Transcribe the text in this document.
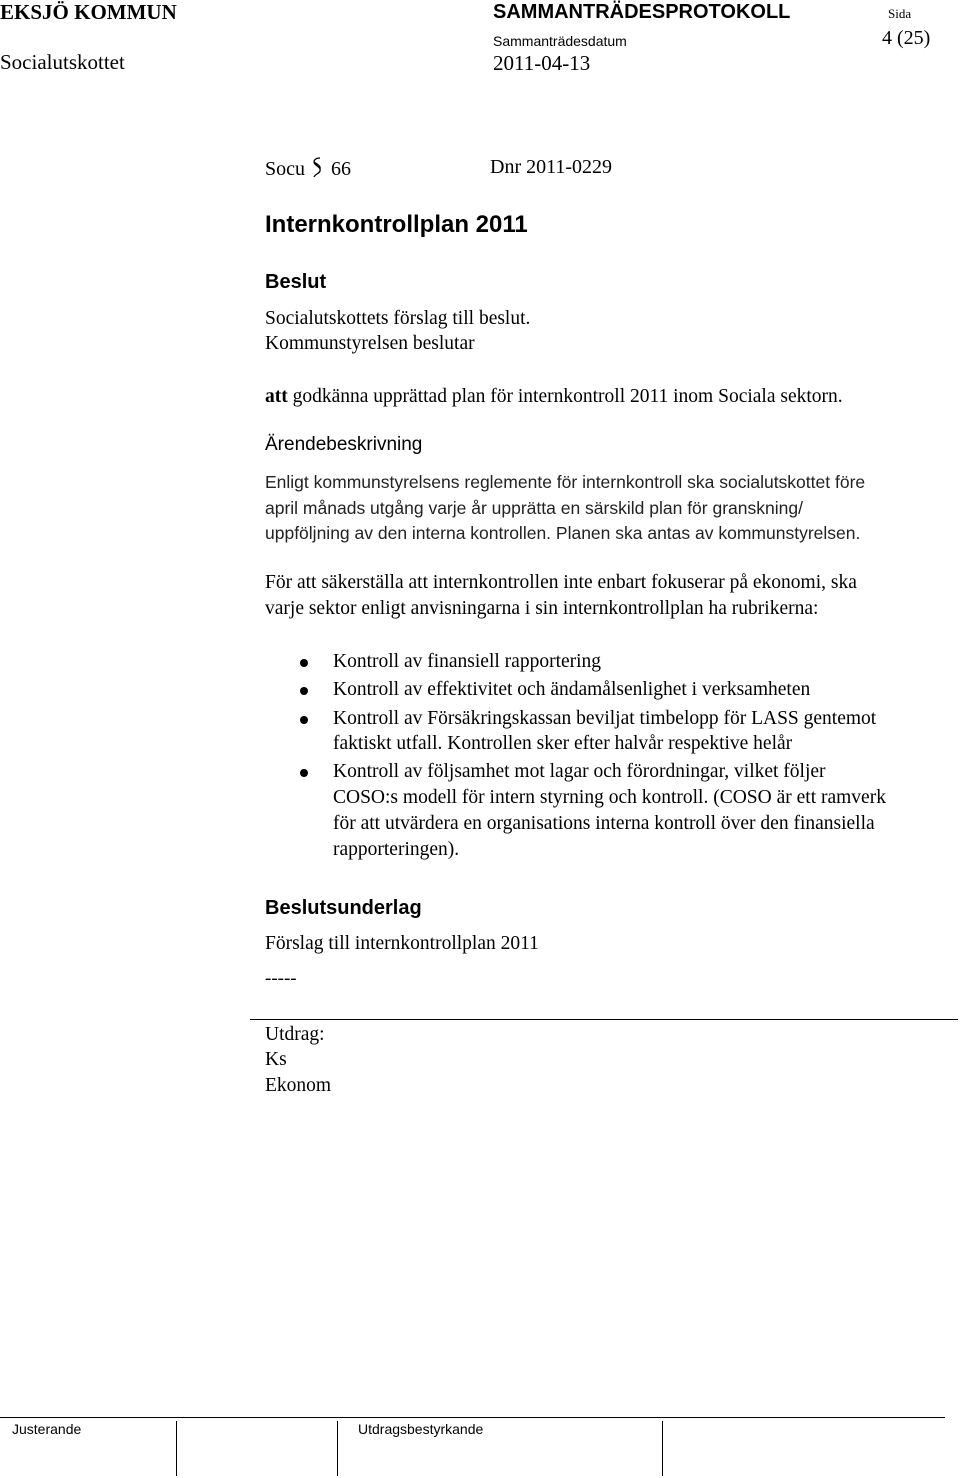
EKSJÖ KOMMUN
Socialutskottet
SAMMANTRÄDESPROTOKOLL
Sammanträdesdatum
2011-04-13
Sida
4 (25)
Socu 66	Dnr 2011-0229
Internkontrollplan 2011
Beslut
Socialutskottets förslag till beslut.
Kommunstyrelsen beslutar
att godkänna upprättad plan för internkontroll 2011 inom Sociala sektorn.
Ärendebeskrivning
Enligt kommunstyrelsens reglemente för internkontroll ska socialutskottet före
april månads utgång varje år upprätta en särskild plan för granskning/
uppföljning av den interna kontrollen. Planen ska antas av kommunstyrelsen.
För att säkerställa att internkontrollen inte enbart fokuserar på ekonomi, ska
varje sektor enligt anvisningarna i sin internkontrollplan ha rubrikerna:
Kontroll av finansiell rapportering
Kontroll av effektivitet och ändamålsenlighet i verksamheten
Kontroll av Försäkringskassan beviljat timbelopp för LASS gentemot
faktiskt utfall. Kontrollen sker efter halvår respektive helår
Kontroll av följsamhet mot lagar och förordningar, vilket följer
COSO:s modell för intern styrning och kontroll. (COSO är ett ramverk
för att utvärdera en organisations interna kontroll över den finansiella
rapporteringen).
Beslutsunderlag
Förslag till internkontrollplan 2011
-----
Utdrag:
Ks
Ekonom
Justerande	Utdragsbestyrkande
